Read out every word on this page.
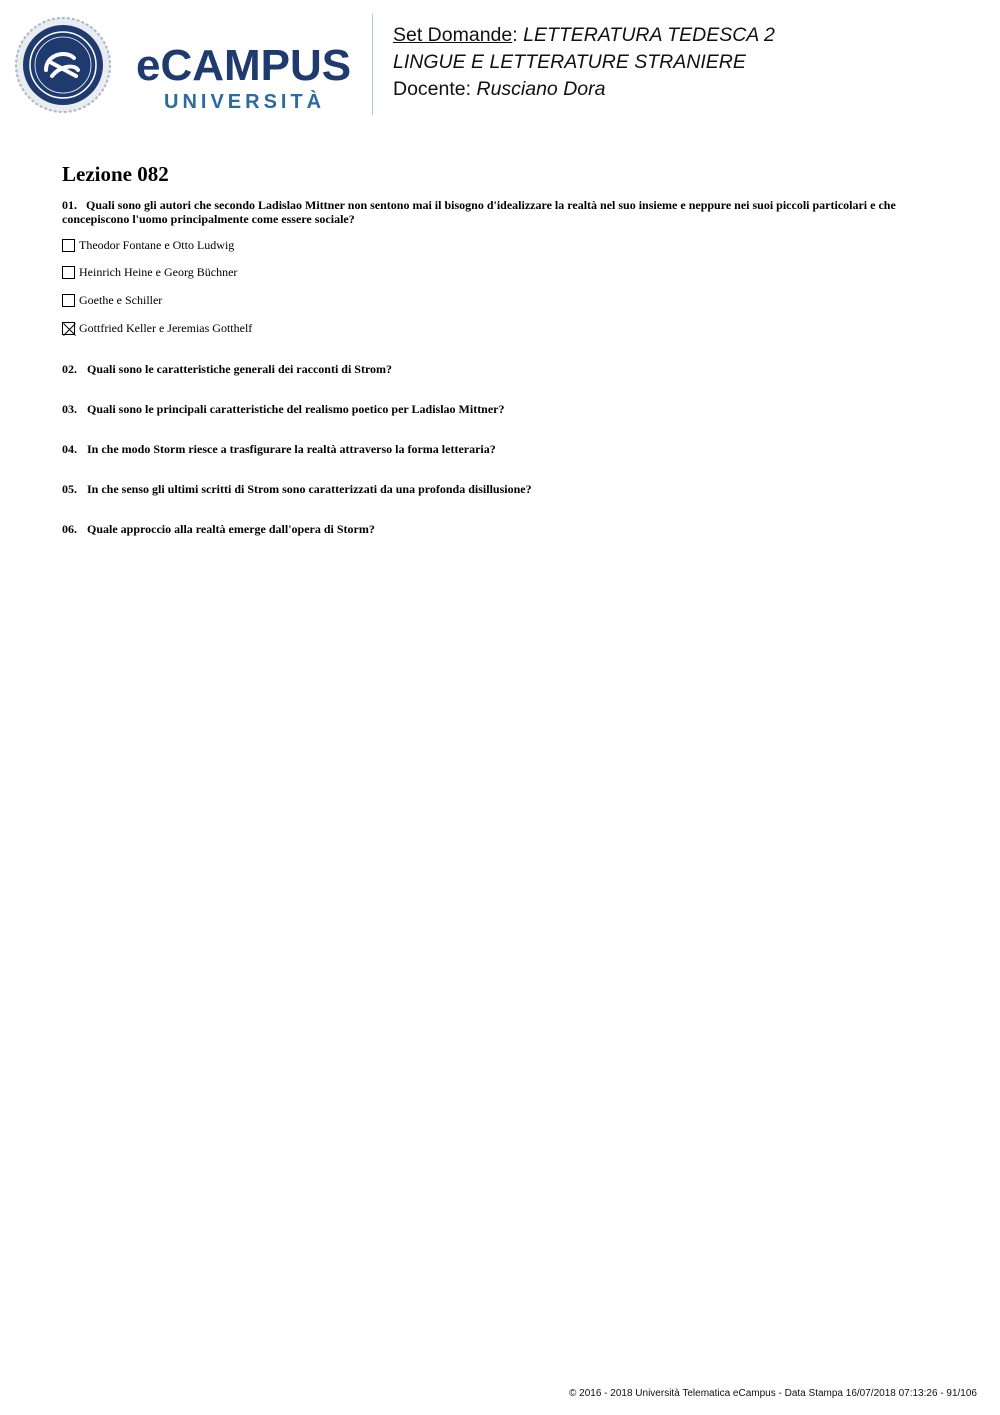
eCAMPUS
UNIVERSITÀ
Set Domande: LETTERATURA TEDESCA 2
LINGUE E LETTERATURE STRANIERE
Docente: Rusciano Dora
Lezione 082
01. Quali sono gli autori che secondo Ladislao Mittner non sentono mai il bisogno d'idealizzare la realtà nel suo insieme e neppure nei suoi piccoli particolari e che concepiscono l'uomo principalmente come essere sociale?
Theodor Fontane e Otto Ludwig
Heinrich Heine e Georg Büchner
Goethe e Schiller
Gottfried Keller e Jeremias Gotthelf
02. Quali sono le caratteristiche generali dei racconti di Strom?
03. Quali sono le principali caratteristiche del realismo poetico per Ladislao Mittner?
04. In che modo Storm riesce a trasfigurare la realtà attraverso la forma letteraria?
05. In che senso gli ultimi scritti di Strom sono caratterizzati da una profonda disillusione?
06. Quale approccio alla realtà emerge dall'opera di Storm?
© 2016 - 2018 Università Telematica eCampus - Data Stampa 16/07/2018 07:13:26 - 91/106
